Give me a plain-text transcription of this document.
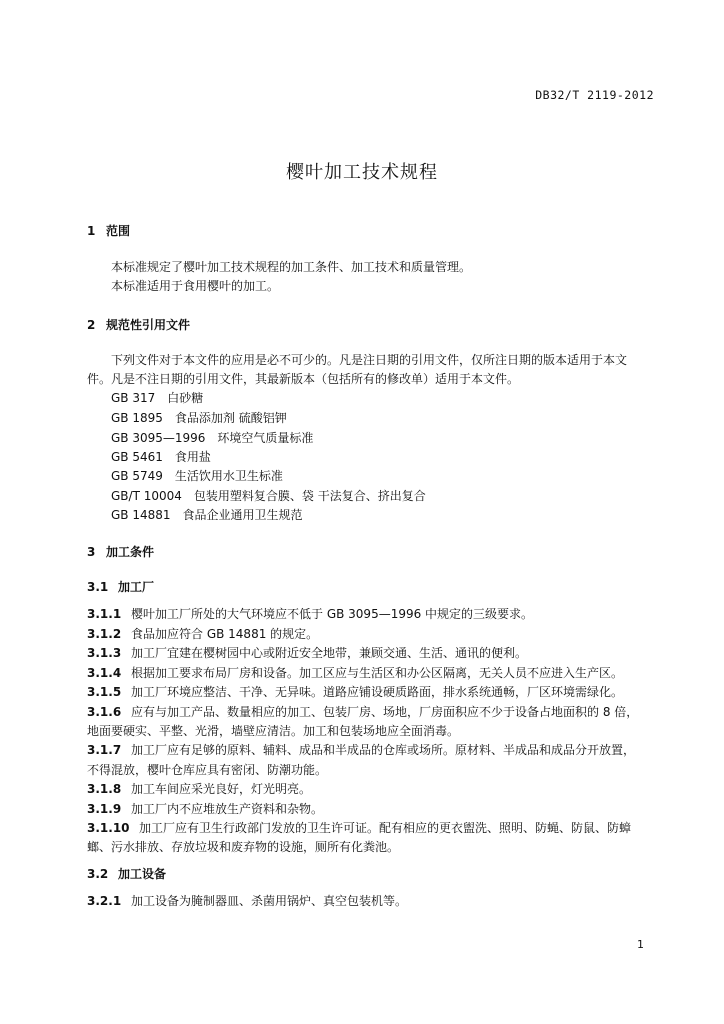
DB32/T 2119-2012
樱叶加工技术规程
1 范围
本标准规定了樱叶加工技术规程的加工条件、加工技术和质量管理。
本标准适用于食用樱叶的加工。
2 规范性引用文件
下列文件对于本文件的应用是必不可少的。凡是注日期的引用文件，仅所注日期的版本适用于本文
件。凡是不注日期的引用文件，其最新版本（包括所有的修改单）适用于本文件。
GB 317　白砂糖
GB 1895　食品添加剂 硫酸铝钾
GB 3095—1996　环境空气质量标准
GB 5461　食用盐
GB 5749　生活饮用水卫生标准
GB/T 10004　包装用塑料复合膜、袋 干法复合、挤出复合
GB 14881　食品企业通用卫生规范
3 加工条件
3.1 加工厂
3.1.1 樱叶加工厂所处的大气环境应不低于 GB 3095—1996 中规定的三级要求。
3.1.2 食品加应符合 GB 14881 的规定。
3.1.3 加工厂宜建在樱树园中心或附近安全地带，兼顾交通、生活、通讯的便利。
3.1.4 根据加工要求布局厂房和设备。加工区应与生活区和办公区隔离，无关人员不应进入生产区。
3.1.5 加工厂环境应整洁、干净、无异味。道路应铺设硬质路面，排水系统通畅，厂区环境需绿化。
3.1.6 应有与加工产品、数量相应的加工、包装厂房、场地，厂房面积应不少于设备占地面积的 8 倍，
地面要硬实、平整、光滑，墙壁应清洁。加工和包装场地应全面消毒。
3.1.7 加工厂应有足够的原料、辅料、成品和半成品的仓库或场所。原材料、半成品和成品分开放置，
不得混放，樱叶仓库应具有密闭、防潮功能。
3.1.8 加工车间应采光良好，灯光明亮。
3.1.9 加工厂内不应堆放生产资料和杂物。
3.1.10 加工厂应有卫生行政部门发放的卫生许可证。配有相应的更衣盥洗、照明、防蝇、防鼠、防蟑
螂、污水排放、存放垃圾和废弃物的设施，厕所有化粪池。
3.2 加工设备
3.2.1 加工设备为腌制器皿、杀菌用锅炉、真空包装机等。
1
